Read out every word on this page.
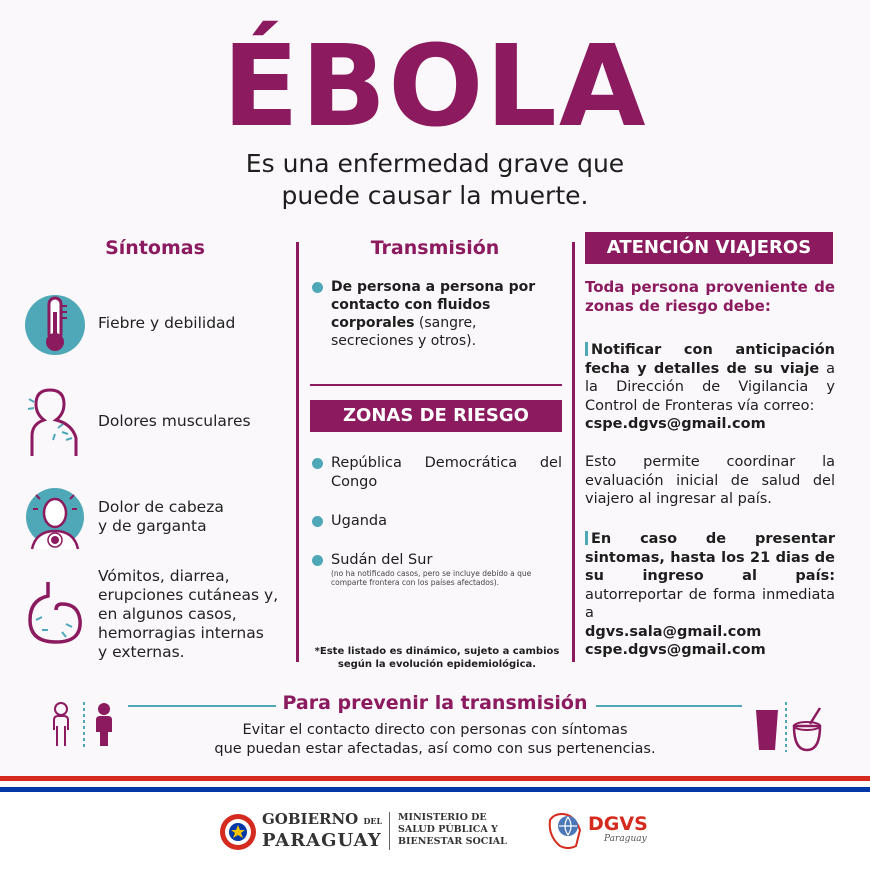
ÉBOLA
Es una enfermedad grave que
puede causar la muerte.
Síntomas
Fiebre y debilidad
Dolores musculares
Dolor de cabeza
y de garganta
Vómitos, diarrea,
erupciones cutáneas y,
en algunos casos,
hemorragias internas
y externas.
Transmisión
De persona a persona por contacto con fluidos corporales (sangre, secreciones y otros).
ZONAS DE RIESGO
República Democrática del Congo
Uganda
Sudán del Sur
(no ha notificado casos, pero se incluye debido a que comparte frontera con los países afectados).
*Este listado es dinámico, sujeto a cambios
según la evolución epidemiológica.
ATENCIÓN VIAJEROS
Toda persona proveniente de zonas de riesgo debe:
Notificar con anticipación fecha y detalles de su viaje a la Dirección de Vigilancia y Control de Fronteras vía correo:
cspe.dgvs@gmail.com
Esto permite coordinar la evaluación inicial de salud del viajero al ingresar al país.
En caso de presentar sintomas, hasta los 21 dias de su ingreso al país: autorreportar de forma inmediata a
dgvs.sala@gmail.com
cspe.dgvs@gmail.com
Para prevenir la transmisión
Evitar el contacto directo con personas con síntomas
que puedan estar afectadas, así como con sus pertenencias.
GOBIERNO DEL
PARAGUAY
MINISTERIO DE
SALUD PÚBLICA Y
BIENESTAR SOCIAL
DGVS
Paraguay
